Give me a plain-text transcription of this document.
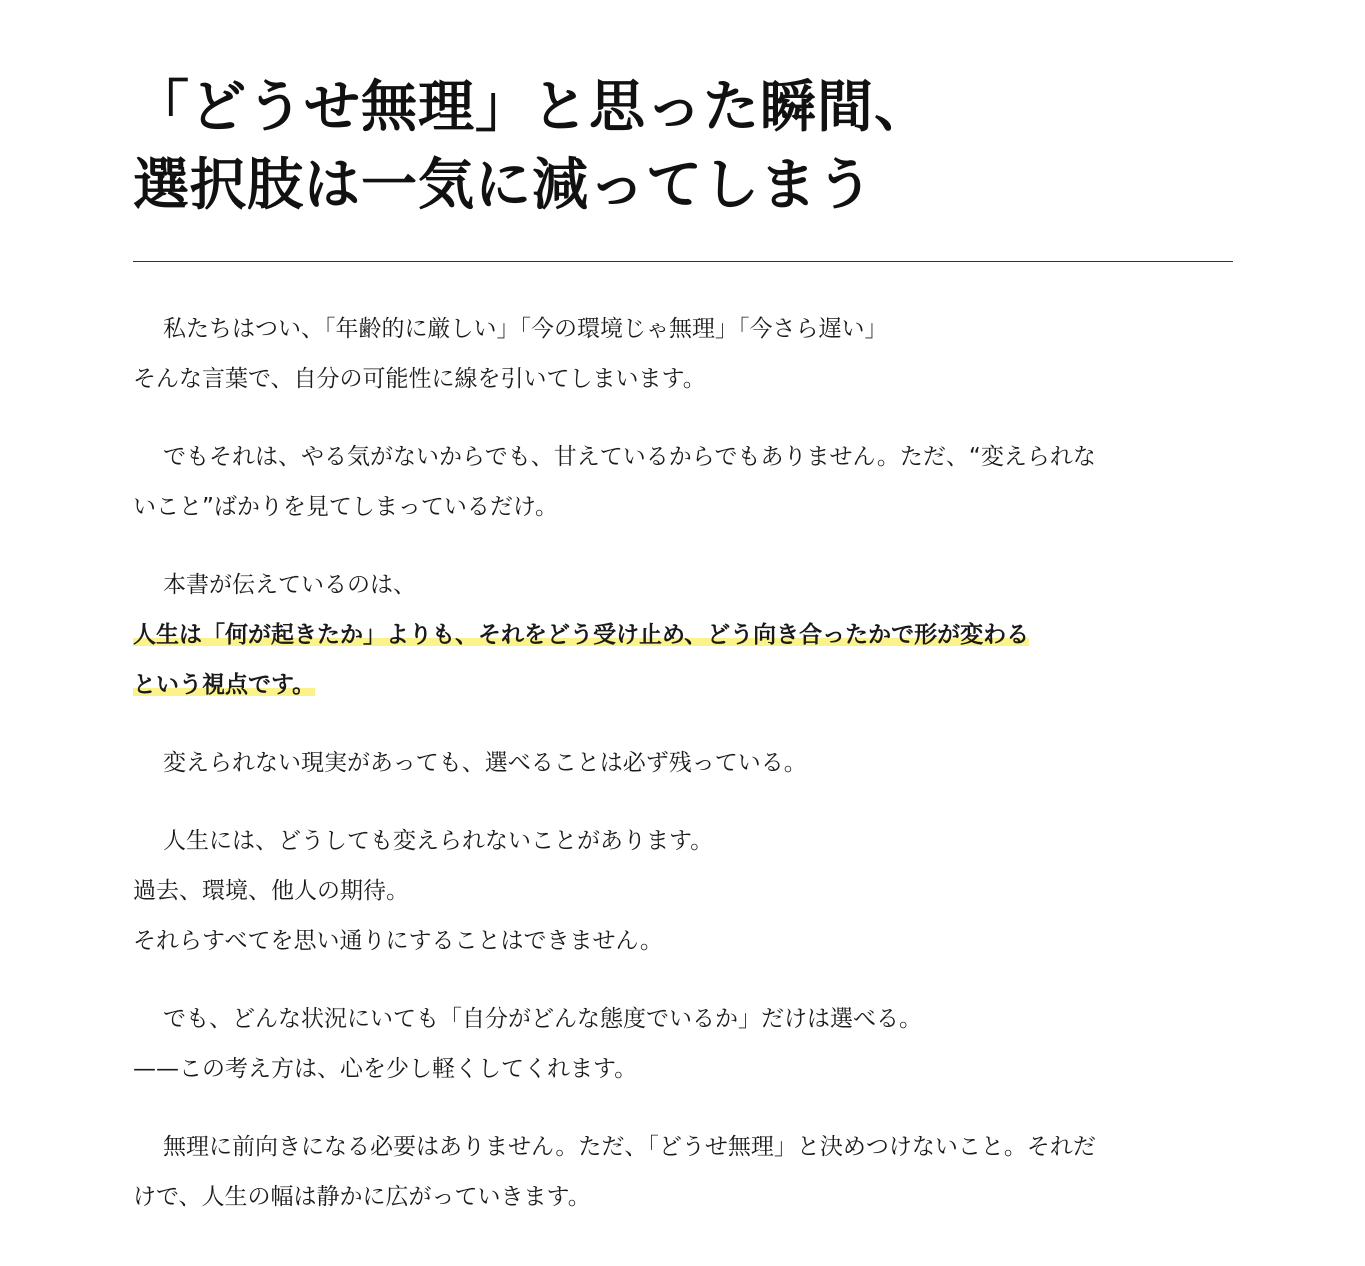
「どうせ無理」と思った瞬間、
選択肢は一気に減ってしまう
私たちはつい、「年齢的に厳しい」「今の環境じゃ無理」「今さら遅い」
そんな言葉で、自分の可能性に線を引いてしまいます。
でもそれは、やる気がないからでも、甘えているからでもありません。ただ、“変えられな
いこと”ばかりを見てしまっているだけ。
本書が伝えているのは、
人生は「何が起きたか」よりも、それをどう受け止め、どう向き合ったかで形が変わる
という視点です。
変えられない現実があっても、選べることは必ず残っている。
人生には、どうしても変えられないことがあります。
過去、環境、他人の期待。
それらすべてを思い通りにすることはできません。
でも、どんな状況にいても「自分がどんな態度でいるか」だけは選べる。
——この考え方は、心を少し軽くしてくれます。
無理に前向きになる必要はありません。ただ、「どうせ無理」と決めつけないこと。それだ
けで、人生の幅は静かに広がっていきます。
